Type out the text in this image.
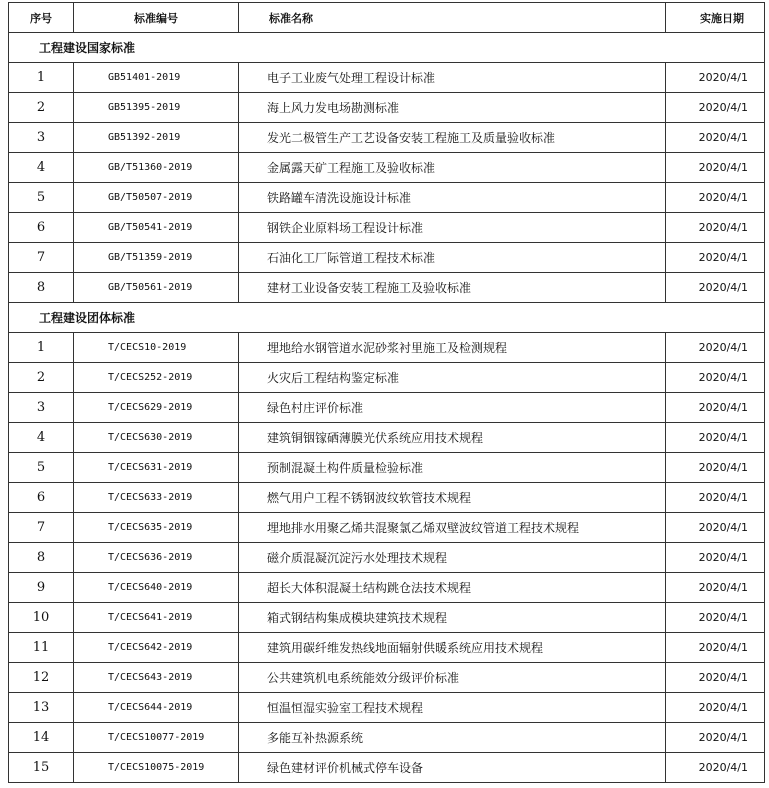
序号	标准编号	标准名称	实施日期
工程建设国家标准			
1	GB51401-2019	电子工业废气处理工程设计标准	2020/4/1
2	GB51395-2019	海上风力发电场勘测标准	2020/4/1
3	GB51392-2019	发光二极管生产工艺设备安装工程施工及质量验收标准	2020/4/1
4	GB/T51360-2019	金属露天矿工程施工及验收标准	2020/4/1
5	GB/T50507-2019	铁路罐车清洗设施设计标准	2020/4/1
6	GB/T50541-2019	钢铁企业原料场工程设计标准	2020/4/1
7	GB/T51359-2019	石油化工厂际管道工程技术标准	2020/4/1
8	GB/T50561-2019	建材工业设备安装工程施工及验收标准	2020/4/1
工程建设团体标准			
1	T/CECS10-2019	埋地给水钢管道水泥砂浆衬里施工及检测规程	2020/4/1
2	T/CECS252-2019	火灾后工程结构鉴定标准	2020/4/1
3	T/CECS629-2019	绿色村庄评价标准	2020/4/1
4	T/CECS630-2019	建筑铜铟镓硒薄膜光伏系统应用技术规程	2020/4/1
5	T/CECS631-2019	预制混凝土构件质量检验标准	2020/4/1
6	T/CECS633-2019	燃气用户工程不锈钢波纹软管技术规程	2020/4/1
7	T/CECS635-2019	埋地排水用聚乙烯共混聚氯乙烯双壁波纹管道工程技术规程	2020/4/1
8	T/CECS636-2019	磁介质混凝沉淀污水处理技术规程	2020/4/1
9	T/CECS640-2019	超长大体积混凝土结构跳仓法技术规程	2020/4/1
10	T/CECS641-2019	箱式钢结构集成模块建筑技术规程	2020/4/1
11	T/CECS642-2019	建筑用碳纤维发热线地面辐射供暖系统应用技术规程	2020/4/1
12	T/CECS643-2019	公共建筑机电系统能效分级评价标准	2020/4/1
13	T/CECS644-2019	恒温恒湿实验室工程技术规程	2020/4/1
14	T/CECS10077-2019	多能互补热源系统	2020/4/1
15	T/CECS10075-2019	绿色建材评价机械式停车设备	2020/4/1
